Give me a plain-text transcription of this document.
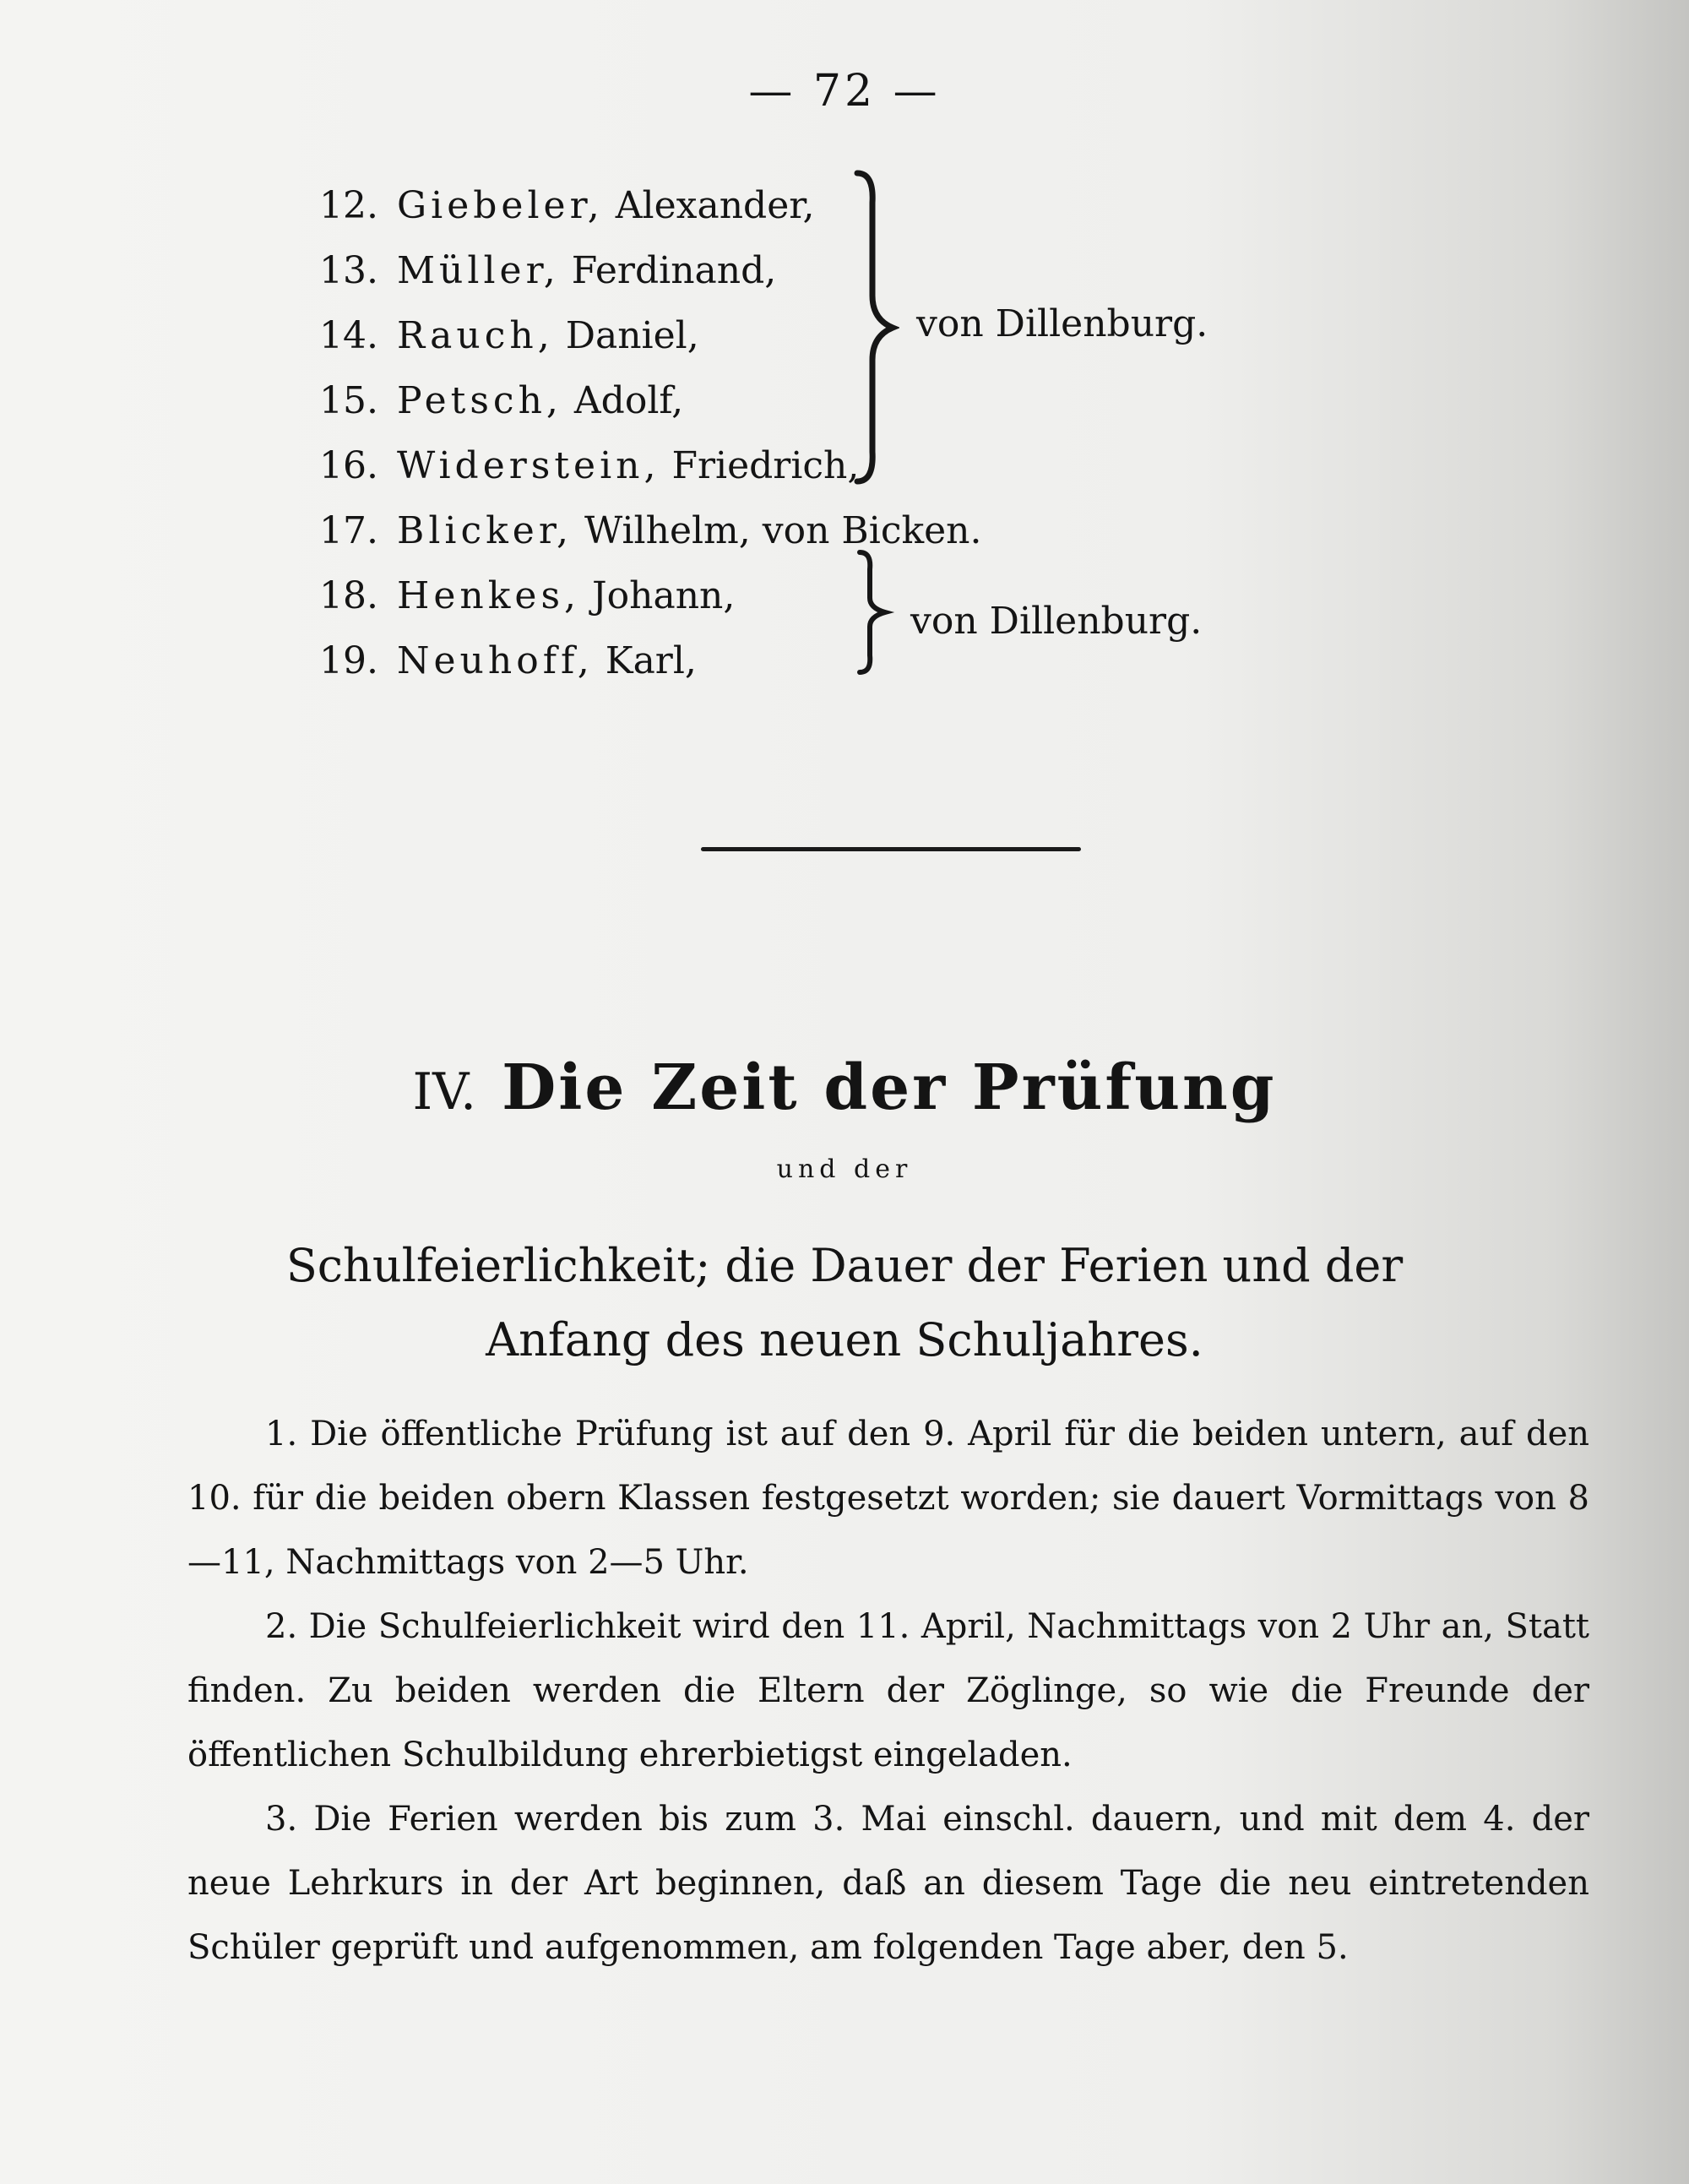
— 72 —
12. Giebeler, Alexander,
13. Müller, Ferdinand,
14. Rauch, Daniel,
15. Petsch, Adolf,
16. Widerstein, Friedrich,
17. Blicker, Wilhelm, von Bicken.
18. Henkes, Johann,
19. Neuhoff, Karl,
von Dillenburg.
von Dillenburg.
IV. Die Zeit der Prüfung
und der
Schulfeierlichkeit; die Dauer der Ferien und der Anfang des neuen Schuljahres.

1. Die öffentliche Prüfung ist auf den 9. April für die beiden untern, auf den 10. für die beiden obern Klassen festgesetzt worden; sie dauert Vormittags von 8—11, Nachmittags von 2—5 Uhr.

2. Die Schulfeierlichkeit wird den 11. April, Nachmittags von 2 Uhr an, Statt finden. Zu beiden werden die Eltern der Zöglinge, so wie die Freunde der öffentlichen Schulbildung ehrerbietigst eingeladen.

3. Die Ferien werden bis zum 3. Mai einschl. dauern, und mit dem 4. der neue Lehrkurs in der Art beginnen, daß an diesem Tage die neu eintretenden Schüler geprüft und aufgenommen, am folgenden Tage aber, den 5.
